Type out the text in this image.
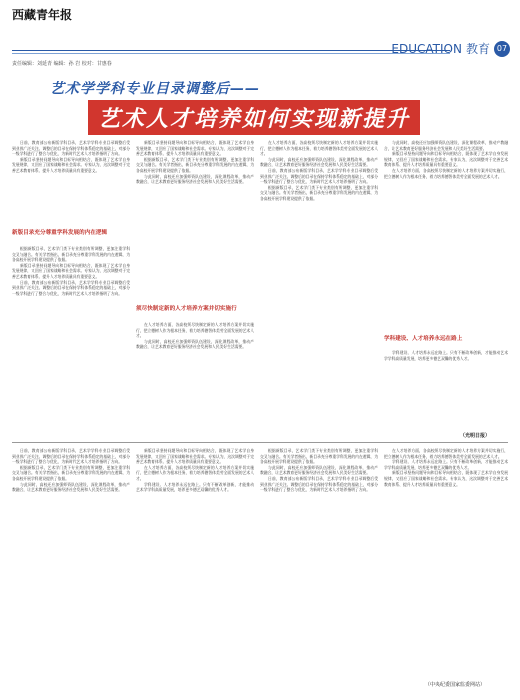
西藏青年报
责任编辑：刘延青 编辑：孙 岩 校对：甘惠春
EDUCATION 教育 07
艺术学学科专业目录调整后——
艺术人才培养如何实现新提升

日前，教育部公布新版学科目录，艺术学学科专业目录调整后受到业界广泛关注。调整后的目录在保持学科体系稳定的基础上，对部分一级学科进行了整合与优化，为新时代艺术人才培养指明了方向。

新版目录坚持问题导向和目标导向相结合，既体现了艺术学自身发展规律，又回应了国家战略和社会需求。专家认为，这次调整对于完善艺术教育体系、提升人才培养质量具有重要意义。

新版目录充分尊重学科发展的内在逻辑

根据新版目录，艺术学门类下专业类别有所调整，更加注重学科交叉与融合。有关学者指出，新目录充分尊重学科发展的内在逻辑，为各高校开展学科建设提供了依据。

新版目录坚持问题导向和目标导向相结合，既体现了艺术学自身发展规律，又回应了国家战略和社会需求。专家认为，这次调整对于完善艺术教育体系、提升人才培养质量具有重要意义。

日前，教育部公布新版学科目录，艺术学学科专业目录调整后受到业界广泛关注。调整后的目录在保持学科体系稳定的基础上，对部分一级学科进行了整合与优化，为新时代艺术人才培养指明了方向。

新版目录坚持问题导向和目标导向相结合，既体现了艺术学自身发展规律，又回应了国家战略和社会需求。专家认为，这次调整对于完善艺术教育体系、提升人才培养质量具有重要意义。

根据新版目录，艺术学门类下专业类别有所调整，更加注重学科交叉与融合。有关学者指出，新目录充分尊重学科发展的内在逻辑，为各高校开展学科建设提供了依据。

与此同时，高校还应加强师资队伍建设，深化课程改革，推动产教融合，让艺术教育更好服务经济社会发展和人民美好生活需要。

须尽快制定新的人才培养方案并切实施行

在人才培养方面，各高校须尽快制定新的人才培养方案并切实施行，把立德树人作为根本任务，着力培养德智体美劳全面发展的艺术人才。

与此同时，高校还应加强师资队伍建设，深化课程改革，推动产教融合，让艺术教育更好服务经济社会发展和人民美好生活需要。

在人才培养方面，各高校须尽快制定新的人才培养方案并切实施行，把立德树人作为根本任务，着力培养德智体美劳全面发展的艺术人才。

与此同时，高校还应加强师资队伍建设，深化课程改革，推动产教融合，让艺术教育更好服务经济社会发展和人民美好生活需要。

日前，教育部公布新版学科目录，艺术学学科专业目录调整后受到业界广泛关注。调整后的目录在保持学科体系稳定的基础上，对部分一级学科进行了整合与优化，为新时代艺术人才培养指明了方向。

根据新版目录，艺术学门类下专业类别有所调整，更加注重学科交叉与融合。有关学者指出，新目录充分尊重学科发展的内在逻辑，为各高校开展学科建设提供了依据。

与此同时，高校还应加强师资队伍建设，深化课程改革，推动产教融合，让艺术教育更好服务经济社会发展和人民美好生活需要。

新版目录坚持问题导向和目标导向相结合，既体现了艺术学自身发展规律，又回应了国家战略和社会需求。专家认为，这次调整对于完善艺术教育体系、提升人才培养质量具有重要意义。

在人才培养方面，各高校须尽快制定新的人才培养方案并切实施行，把立德树人作为根本任务，着力培养德智体美劳全面发展的艺术人才。

学科建设、人才培养永远在路上

学科建设、人才培养永远在路上。只有不断改革创新，才能推动艺术学学科高质量发展，培养更多德艺双馨的优秀人才。

（光明日报）

日前，教育部公布新版学科目录，艺术学学科专业目录调整后受到业界广泛关注。调整后的目录在保持学科体系稳定的基础上，对部分一级学科进行了整合与优化，为新时代艺术人才培养指明了方向。

根据新版目录，艺术学门类下专业类别有所调整，更加注重学科交叉与融合。有关学者指出，新目录充分尊重学科发展的内在逻辑，为各高校开展学科建设提供了依据。

与此同时，高校还应加强师资队伍建设，深化课程改革，推动产教融合，让艺术教育更好服务经济社会发展和人民美好生活需要。

新版目录坚持问题导向和目标导向相结合，既体现了艺术学自身发展规律，又回应了国家战略和社会需求。专家认为，这次调整对于完善艺术教育体系、提升人才培养质量具有重要意义。

在人才培养方面，各高校须尽快制定新的人才培养方案并切实施行，把立德树人作为根本任务，着力培养德智体美劳全面发展的艺术人才。

学科建设、人才培养永远在路上。只有不断改革创新，才能推动艺术学学科高质量发展，培养更多德艺双馨的优秀人才。

根据新版目录，艺术学门类下专业类别有所调整，更加注重学科交叉与融合。有关学者指出，新目录充分尊重学科发展的内在逻辑，为各高校开展学科建设提供了依据。

与此同时，高校还应加强师资队伍建设，深化课程改革，推动产教融合，让艺术教育更好服务经济社会发展和人民美好生活需要。

日前，教育部公布新版学科目录，艺术学学科专业目录调整后受到业界广泛关注。调整后的目录在保持学科体系稳定的基础上，对部分一级学科进行了整合与优化，为新时代艺术人才培养指明了方向。

在人才培养方面，各高校须尽快制定新的人才培养方案并切实施行，把立德树人作为根本任务，着力培养德智体美劳全面发展的艺术人才。

学科建设、人才培养永远在路上。只有不断改革创新，才能推动艺术学学科高质量发展，培养更多德艺双馨的优秀人才。

新版目录坚持问题导向和目标导向相结合，既体现了艺术学自身发展规律，又回应了国家战略和社会需求。专家认为，这次调整对于完善艺术教育体系、提升人才培养质量具有重要意义。

（中央纪委国家监委网站）
